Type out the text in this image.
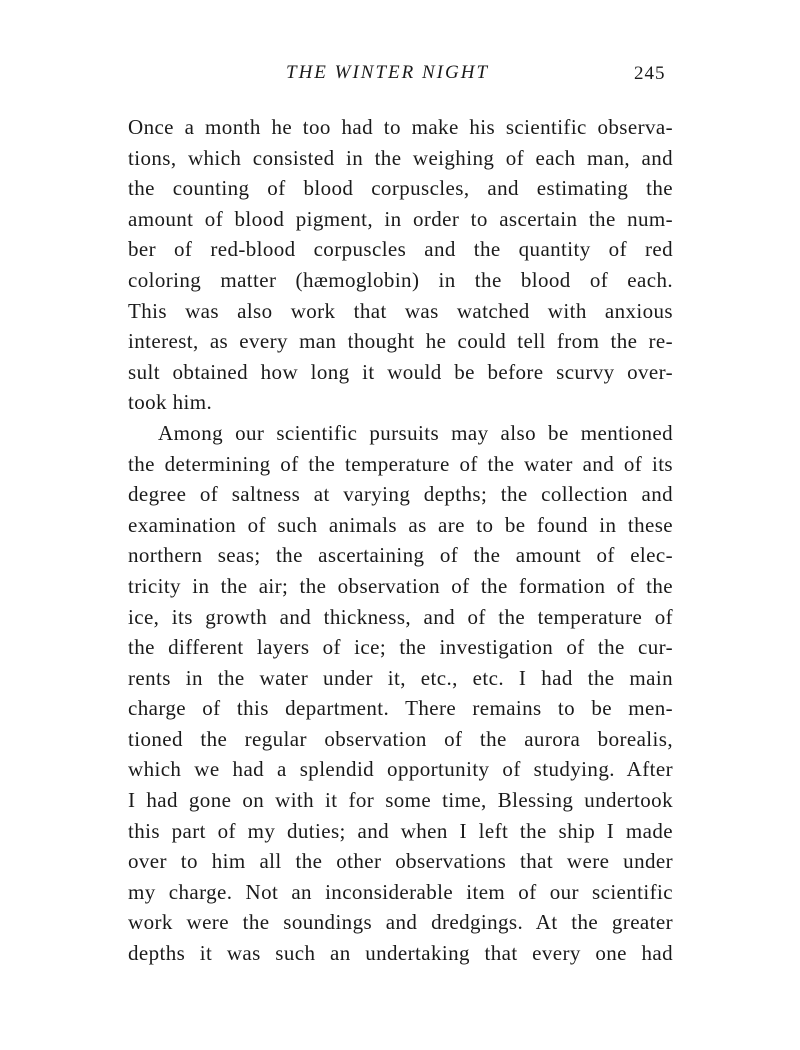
THE WINTER NIGHT	245
Once a month he too had to make his scientific observa-
tions, which consisted in the weighing of each man, and
the counting of blood corpuscles, and estimating the
amount of blood pigment, in order to ascertain the num-
ber of red-blood corpuscles and the quantity of red
coloring matter (hæmoglobin) in the blood of each.
This was also work that was watched with anxious
interest, as every man thought he could tell from the re-
sult obtained how long it would be before scurvy over-
took him.
Among our scientific pursuits may also be mentioned
the determining of the temperature of the water and of its
degree of saltness at varying depths; the collection and
examination of such animals as are to be found in these
northern seas; the ascertaining of the amount of elec-
tricity in the air; the observation of the formation of the
ice, its growth and thickness, and of the temperature of
the different layers of ice; the investigation of the cur-
rents in the water under it, etc., etc. I had the main
charge of this department. There remains to be men-
tioned the regular observation of the aurora borealis,
which we had a splendid opportunity of studying. After
I had gone on with it for some time, Blessing undertook
this part of my duties; and when I left the ship I made
over to him all the other observations that were under
my charge. Not an inconsiderable item of our scientific
work were the soundings and dredgings. At the greater
depths it was such an undertaking that every one had
